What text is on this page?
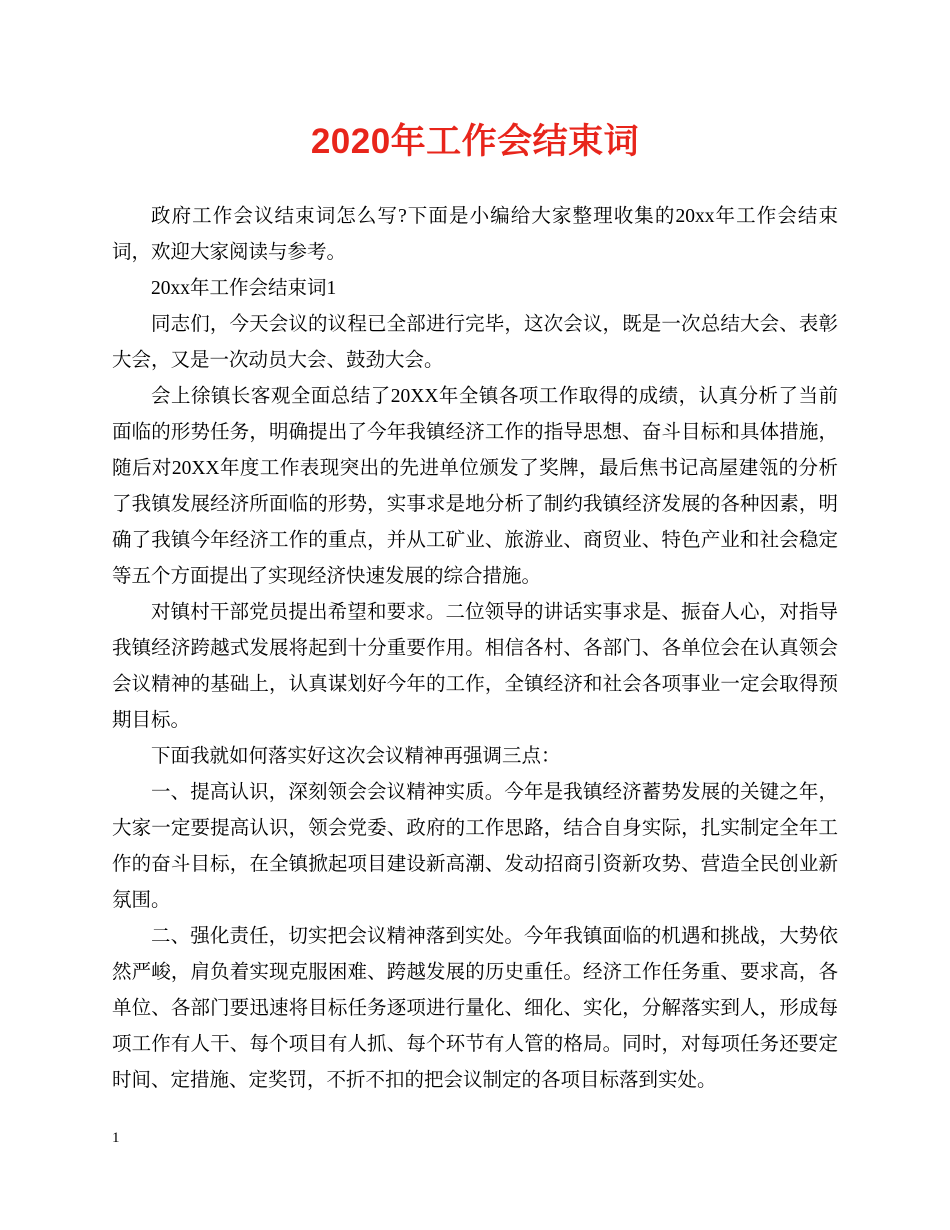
2020年工作会结束词

政府工作会议结束词怎么写?下面是小编给大家整理收集的20xx年工作会结束词，欢迎大家阅读与参考。

20xx年工作会结束词1

同志们，今天会议的议程已全部进行完毕，这次会议，既是一次总结大会、表彰大会，又是一次动员大会、鼓劲大会。

会上徐镇长客观全面总结了20XX年全镇各项工作取得的成绩，认真分析了当前面临的形势任务，明确提出了今年我镇经济工作的指导思想、奋斗目标和具体措施，随后对20XX年度工作表现突出的先进单位颁发了奖牌，最后焦书记高屋建瓴的分析了我镇发展经济所面临的形势，实事求是地分析了制约我镇经济发展的各种因素，明确了我镇今年经济工作的重点，并从工矿业、旅游业、商贸业、特色产业和社会稳定等五个方面提出了实现经济快速发展的综合措施。

对镇村干部党员提出希望和要求。二位领导的讲话实事求是、振奋人心，对指导我镇经济跨越式发展将起到十分重要作用。相信各村、各部门、各单位会在认真领会会议精神的基础上，认真谋划好今年的工作，全镇经济和社会各项事业一定会取得预期目标。

下面我就如何落实好这次会议精神再强调三点：

一、提高认识，深刻领会会议精神实质。今年是我镇经济蓄势发展的关键之年，大家一定要提高认识，领会党委、政府的工作思路，结合自身实际，扎实制定全年工作的奋斗目标，在全镇掀起项目建设新高潮、发动招商引资新攻势、营造全民创业新氛围。

二、强化责任，切实把会议精神落到实处。今年我镇面临的机遇和挑战，大势依然严峻，肩负着实现克服困难、跨越发展的历史重任。经济工作任务重、要求高，各单位、各部门要迅速将目标任务逐项进行量化、细化、实化，分解落实到人，形成每项工作有人干、每个项目有人抓、每个环节有人管的格局。同时，对每项任务还要定时间、定措施、定奖罚，不折不扣的把会议制定的各项目标落到实处。

1
